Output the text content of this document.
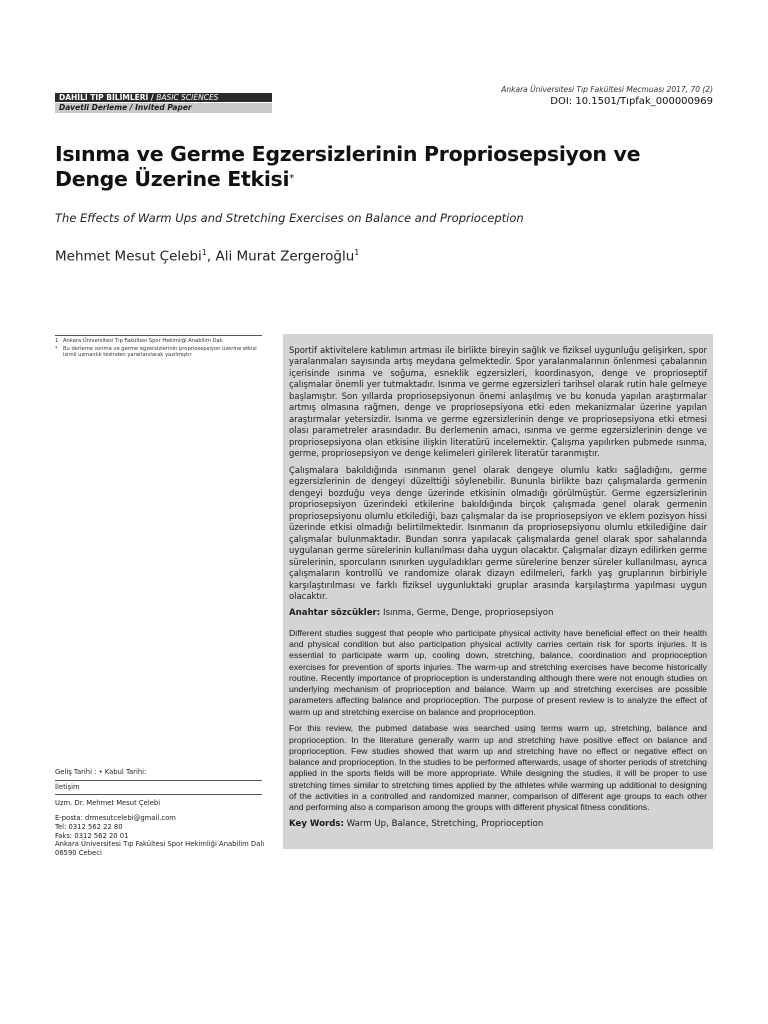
DAHİLİ TIP BİLİMLERİ / BASIC SCIENCES
Davetli Derleme / Invited Paper
Ankara Üniversitesi Tıp Fakültesi Mecmuası 2017, 70 (2)
DOI: 10.1501/Tıpfak_000000969
Isınma ve Germe Egzersizlerinin Propriosepsiyon ve Denge Üzerine Etkisi*
The Effects of Warm Ups and Stretching Exercises on Balance and Proprioception
Mehmet Mesut Çelebi$^1$, Ali Murat Zergeroğlu$^1$
1 Ankara Üniversitesi Tıp Fakültesi Spor Hekimliği Anabilim Dalı
*	Bu derleme ısınma ve germe egzersizlerinin propriosepsiyon üzerine etkisi isimli uzmanlık tezinden yararlanılarak yazılmıştır
Geliş Tarihi : • Kabul Tarihi:
İletişim
Uzm. Dr. Mehmet Mesut Çelebi
E-posta: drmesutcelebi@gmail.com
Tel: 0312 562 22 80
Faks: 0312 562 20 01
Ankara Üniversitesi Tıp Fakültesi Spor Hekimliği Anabilim Dalı
06590 Cebeci

Sportif aktivitelere katılımın artması ile birlikte bireyin sağlık ve fiziksel uygunluğu gelişirken, spor yaralanmaları sayısında artış meydana gelmektedir. Spor yaralanmalarının önlenmesi çabalarının içerisinde ısınma ve soğuma, esneklik egzersizleri, koordinasyon, denge ve proprioseptif çalışmalar önemli yer tutmaktadır. Isınma ve germe egzersizleri tarihsel olarak rutin hale gelmeye başlamıştır. Son yıllarda propriosepsiyonun önemi anlaşılmış ve bu konuda yapılan araştırmalar artmış olmasına rağmen, denge ve propriosepsiyona etki eden mekanizmalar üzerine yapılan araştırmalar yetersizdir. Isınma ve germe egzersizlerinin denge ve propriosepsiyona etki etmesi olası parametreler arasındadır. Bu derlemenin amacı, ısınma ve germe egzersizlerinin denge ve propriosepsiyona olan etkisine ilişkin literatürü incelemektir. Çalışma yapılırken pubmede ısınma, germe, propriosepsiyon ve denge kelimeleri girilerek literatür taranmıştır.

Çalışmalara bakıldığında ısınmanın genel olarak dengeye olumlu katkı sağladığını, germe egzersizlerinin de dengeyi düzelttiği söylenebilir. Bununla birlikte bazı çalışmalarda germenin dengeyi bozduğu veya denge üzerinde etkisinin olmadığı görülmüştür. Germe egzersizlerinin propriosepsiyon üzerindeki etkilerine bakıldığında birçok çalışmada genel olarak germenin propriosepsiyonu olumlu etkilediği, bazı çalışmalar da ise propriosepsiyon ve eklem pozisyon hissi üzerinde etkisi olmadığı belirtilmektedir. Isınmanın da propriosepsiyonu olumlu etkilediğine dair çalışmalar bulunmaktadır. Bundan sonra yapılacak çalışmalarda genel olarak spor sahalarında uygulanan germe sürelerinin kullanılması daha uygun olacaktır. Çalışmalar dizayn edilirken germe sürelerinin, sporcuların ısınırken uyguladıkları germe sürelerine benzer süreler kullanılması, ayrıca çalışmaların kontrollü ve randomize olarak dizayn edilmeleri, farklı yaş gruplarının birbiriyle karşılaştırılması ve farklı fiziksel uygunluktaki gruplar arasında karşılaştırma yapılması uygun olacaktır.

Anahtar sözcükler: Isınma, Germe, Denge, propriosepsiyon

Different studies suggest that people who participate physical activity have beneficial effect on their health and physical condition but also participation physical activity carries certain risk for sports injuries. It is essential to participate warm up, cooling down, stretching, balance, coordination and proprioception exercises for prevention of sports injuries. The warm-up and stretching exercises have become historically routine. Recently importance of proprioception is understanding although there were not enough studies on underlying mechanism of proprioception and balance. Warm up and stretching exercises are possible parameters affecting balance and proprioception. The purpose of present review is to analyze the effect of warm up and stretching exercise on balance and proprioception.

For this review, the pubmed database was searched using terms warm up, stretching, balance and proprioception. In the literature generally warm up and stretching have positive effect on balance and proprioception. Few studies showed that warm up and stretching have no effect or negative effect on balance and proprioception. In the studies to be performed afterwards, usage of shorter periods of stretching applied in the sports fields will be more appropriate. While designing the studies, it will be proper to use stretching times similar to stretching times applied by the athletes while warming up additional to designing of the activities in a controlled and randomized manner, comparison of different age groups to each other and performing also a comparison among the groups with different physical fitness conditions.

Key Words: Warm Up, Balance, Stretching, Proprioception
